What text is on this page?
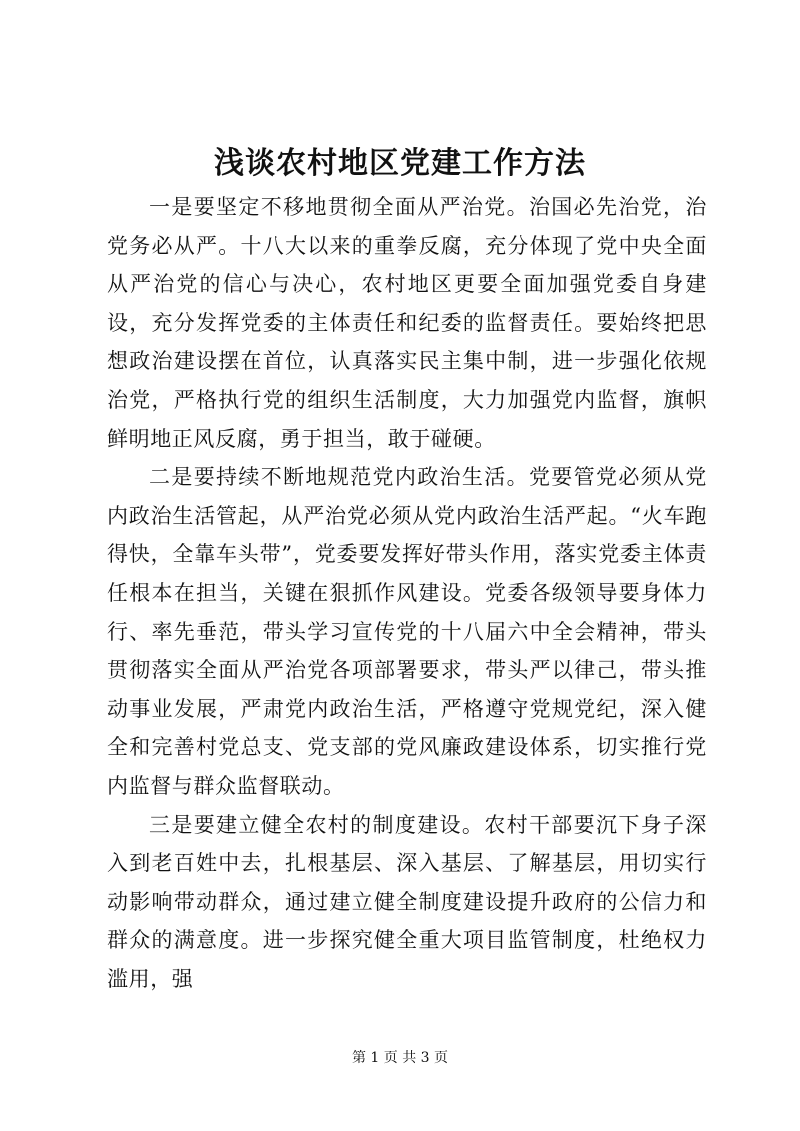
浅谈农村地区党建工作方法

一是要坚定不移地贯彻全面从严治党。治国必先治党，治党务必从严。十八大以来的重拳反腐，充分体现了党中央全面从严治党的信心与决心，农村地区更要全面加强党委自身建设，充分发挥党委的主体责任和纪委的监督责任。要始终把思想政治建设摆在首位，认真落实民主集中制，进一步强化依规治党，严格执行党的组织生活制度，大力加强党内监督，旗帜鲜明地正风反腐，勇于担当，敢于碰硬。

二是要持续不断地规范党内政治生活。党要管党必须从党内政治生活管起，从严治党必须从党内政治生活严起。“火车跑得快，全靠车头带”，党委要发挥好带头作用，落实党委主体责任根本在担当，关键在狠抓作风建设。党委各级领导要身体力行、率先垂范，带头学习宣传党的十八届六中全会精神，带头贯彻落实全面从严治党各项部署要求，带头严以律己，带头推动事业发展，严肃党内政治生活，严格遵守党规党纪，深入健全和完善村党总支、党支部的党风廉政建设体系，切实推行党内监督与群众监督联动。

三是要建立健全农村的制度建设。农村干部要沉下身子深入到老百姓中去，扎根基层、深入基层、了解基层，用切实行动影响带动群众，通过建立健全制度建设提升政府的公信力和群众的满意度。进一步探究健全重大项目监管制度，杜绝权力滥用，强

第 1 页 共 3 页
